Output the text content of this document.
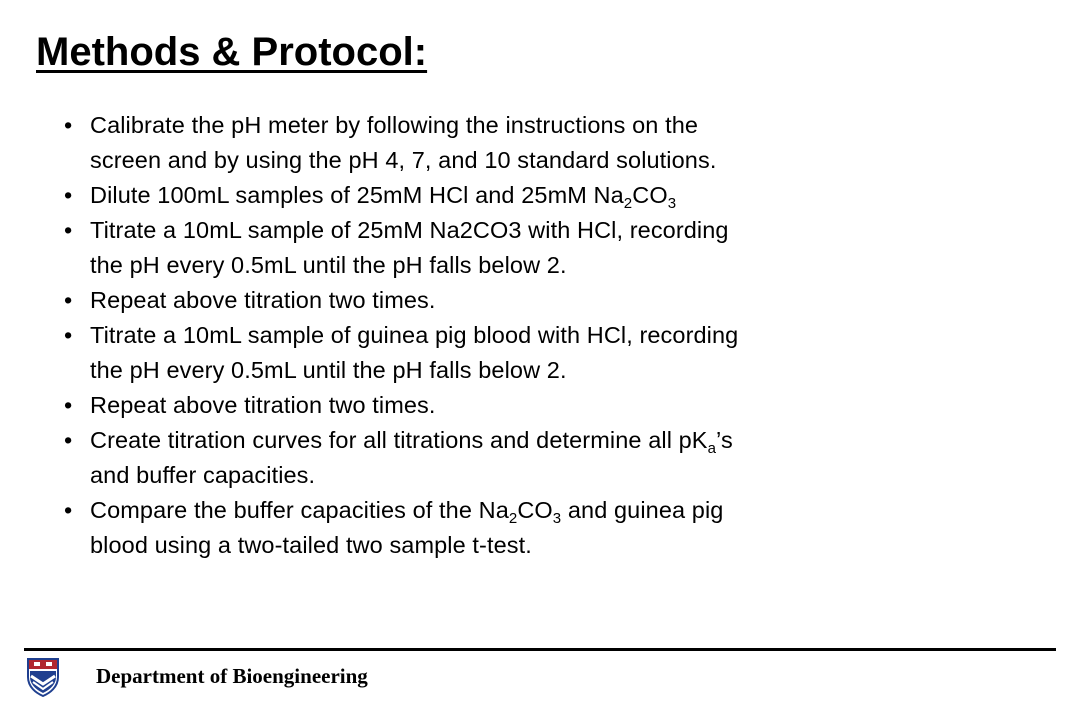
Methods & Protocol:
• Calibrate the pH meter by following the instructions on the
screen and by using the pH 4, 7, and 10 standard solutions.
• Dilute 100mL samples of 25mM HCl and 25mM $Na_2CO_3$
• Titrate a 10mL sample of 25mM Na2CO3 with HCl, recording
the pH every 0.5mL until the pH falls below 2.
• Repeat above titration two times.
• Titrate a 10mL sample of guinea pig blood with HCl, recording
the pH every 0.5mL until the pH falls below 2.
• Repeat above titration two times.
• Create titration curves for all titrations and determine all $pK_a’s$
and buffer capacities.
• Compare the buffer capacities of the $Na_2CO_3$ and guinea pig
blood using a two-tailed two sample t-test.
Department of Bioengineering
